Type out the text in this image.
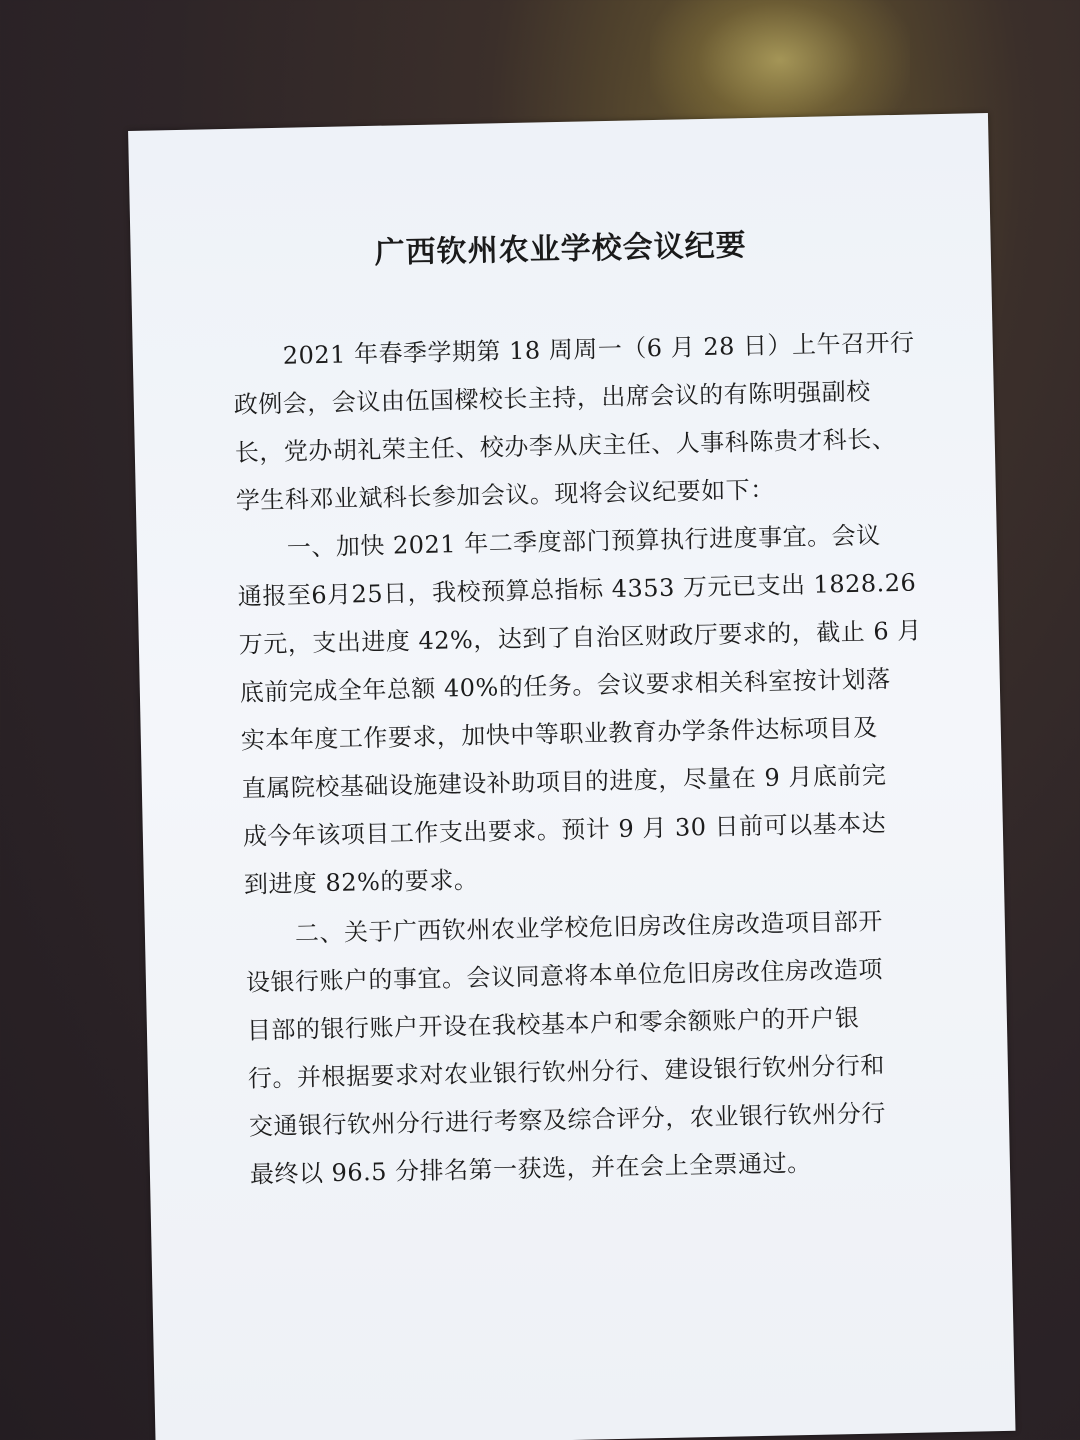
广西钦州农业学校会议纪要
2021 年春季学期第 18 周周一（6 月 28 日）上午召开行
政例会，会议由伍国樑校长主持，出席会议的有陈明强副校
长，党办胡礼荣主任、校办李从庆主任、人事科陈贵才科长、
学生科邓业斌科长参加会议。现将会议纪要如下：
一、加快 2021 年二季度部门预算执行进度事宜。会议
通报至6月25日，我校预算总指标 4353 万元已支出 1828.26
万元，支出进度 42%，达到了自治区财政厅要求的，截止 6 月
底前完成全年总额 40%的任务。会议要求相关科室按计划落
实本年度工作要求，加快中等职业教育办学条件达标项目及
直属院校基础设施建设补助项目的进度，尽量在 9 月底前完
成今年该项目工作支出要求。预计 9 月 30 日前可以基本达
到进度 82%的要求。
二、关于广西钦州农业学校危旧房改住房改造项目部开
设银行账户的事宜。会议同意将本单位危旧房改住房改造项
目部的银行账户开设在我校基本户和零余额账户的开户银
行。并根据要求对农业银行钦州分行、建设银行钦州分行和
交通银行钦州分行进行考察及综合评分，农业银行钦州分行
最终以 96.5 分排名第一获选，并在会上全票通过。
